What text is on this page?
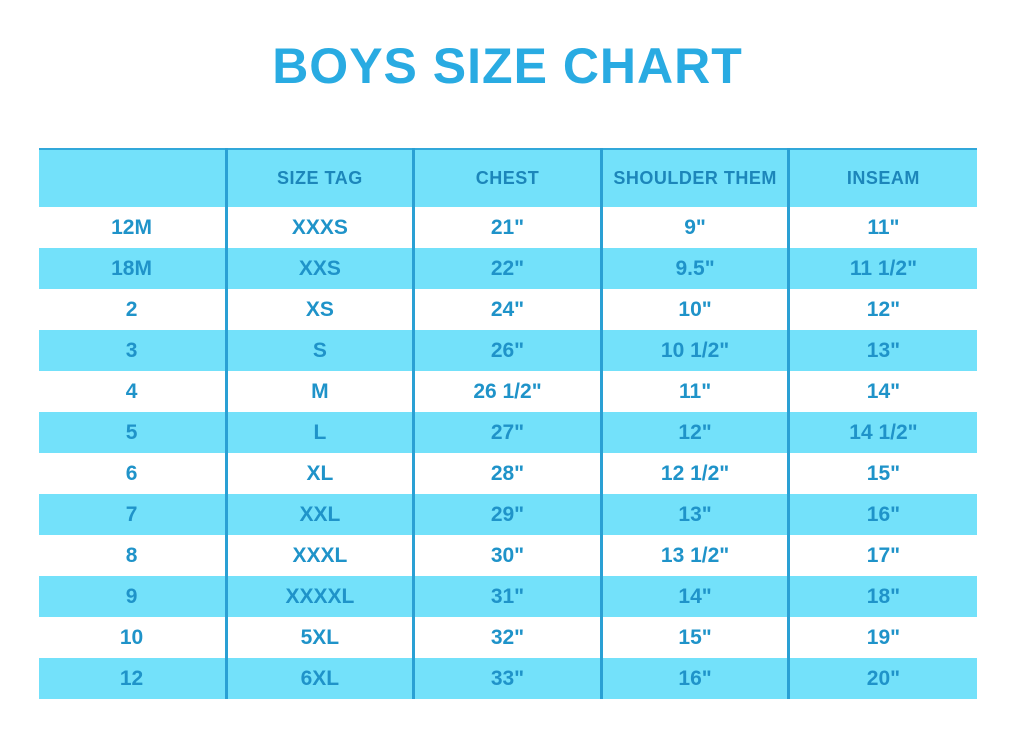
BOYS SIZE CHART
	SIZE TAG	CHEST	SHOULDER THEM	INSEAM
12M	XXXS	21"	9"	11"
18M	XXS	22"	9.5"	11 1/2"
2	XS	24"	10"	12"
3	S	26"	10 1/2"	13"
4	M	26 1/2"	11"	14"
5	L	27"	12"	14 1/2"
6	XL	28"	12 1/2"	15"
7	XXL	29"	13"	16"
8	XXXL	30"	13 1/2"	17"
9	XXXXL	31"	14"	18"
10	5XL	32"	15"	19"
12	6XL	33"	16"	20"
